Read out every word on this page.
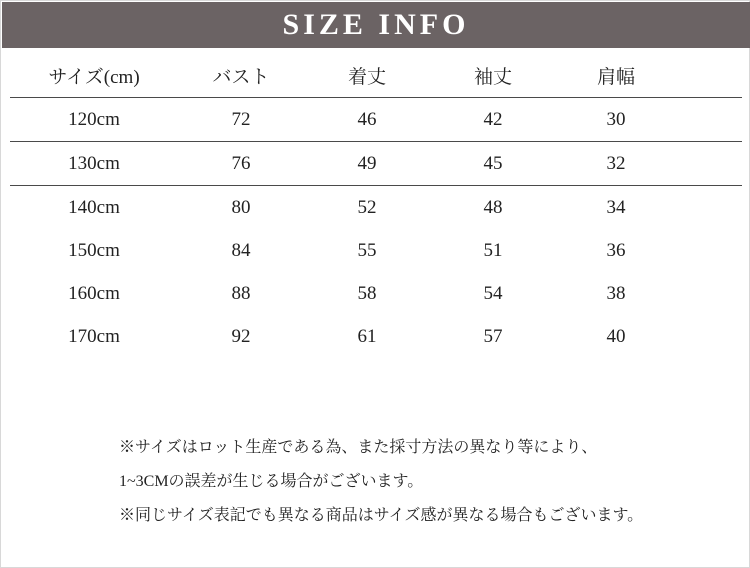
SIZE INFO
サイズ(cm)	バスト	着丈	袖丈	肩幅	
120cm	72	46	42	30	
130cm	76	49	45	32	
140cm	80	52	48	34	
150cm	84	55	51	36	
160cm	88	58	54	38	
170cm	92	61	57	40	
※サイズはロット生産である為、また採寸方法の異なり等により、
1~3CMの誤差が生じる場合がございます。
※同じサイズ表記でも異なる商品はサイズ感が異なる場合もございます。
